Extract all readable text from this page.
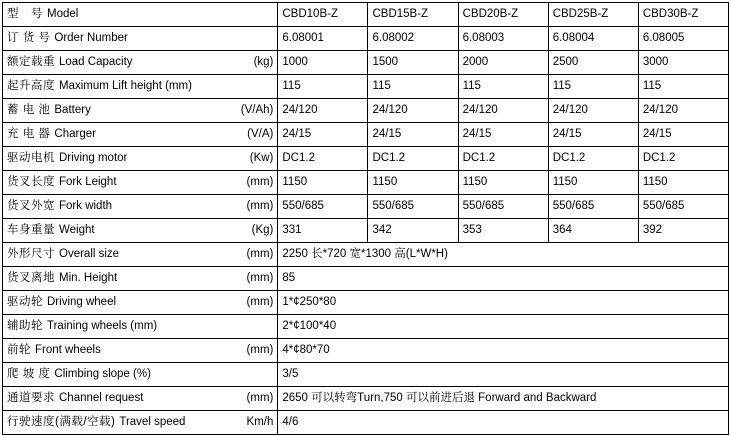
型　号 Model	CBD10B-Z	CBD15B-Z	CBD20B-Z	CBD25B-Z	CBD30B-Z

订 货 号 Order Number	6.08001	6.08002	6.08003	6.08004	6.08005

额定载重 Load Capacity (kg)	1000	1500	2000	2500	3000

起升高度 Maximum Lift height (mm)	115	115	115	115	115

蓄 电 池 Battery (V/Ah)	24/120	24/120	24/120	24/120	24/120

充 电 器 Charger (V/A)	24/15	24/15	24/15	24/15	24/15

驱动电机 Driving motor (Kw)	DC1.2	DC1.2	DC1.2	DC1.2	DC1.2

货叉长度 Fork Leight (mm)	1150	1150	1150	1150	1150

货叉外宽 Fork width (mm)	550/685	550/685	550/685	550/685	550/685

车身重量 Weight (Kg)	331	342	353	364	392

外形尺寸 Overall size (mm)	2250 长*720 宽*1300 高(L*W*H)				

货叉离地 Min. Height (mm)	85				

驱动轮 Driving wheel (mm)	1*¢250*80				

辅助轮 Training wheels (mm)	2*¢100*40				

前轮 Front wheels (mm)	4*¢80*70				

爬 坡 度 Climbing slope (%)	3/5				

通道要求 Channel request (mm)	2650 可以转弯Turn,750 可以前进后退 Forward and Backward				

行驶速度(满载/空载) Travel speed Km/h	4/6				
